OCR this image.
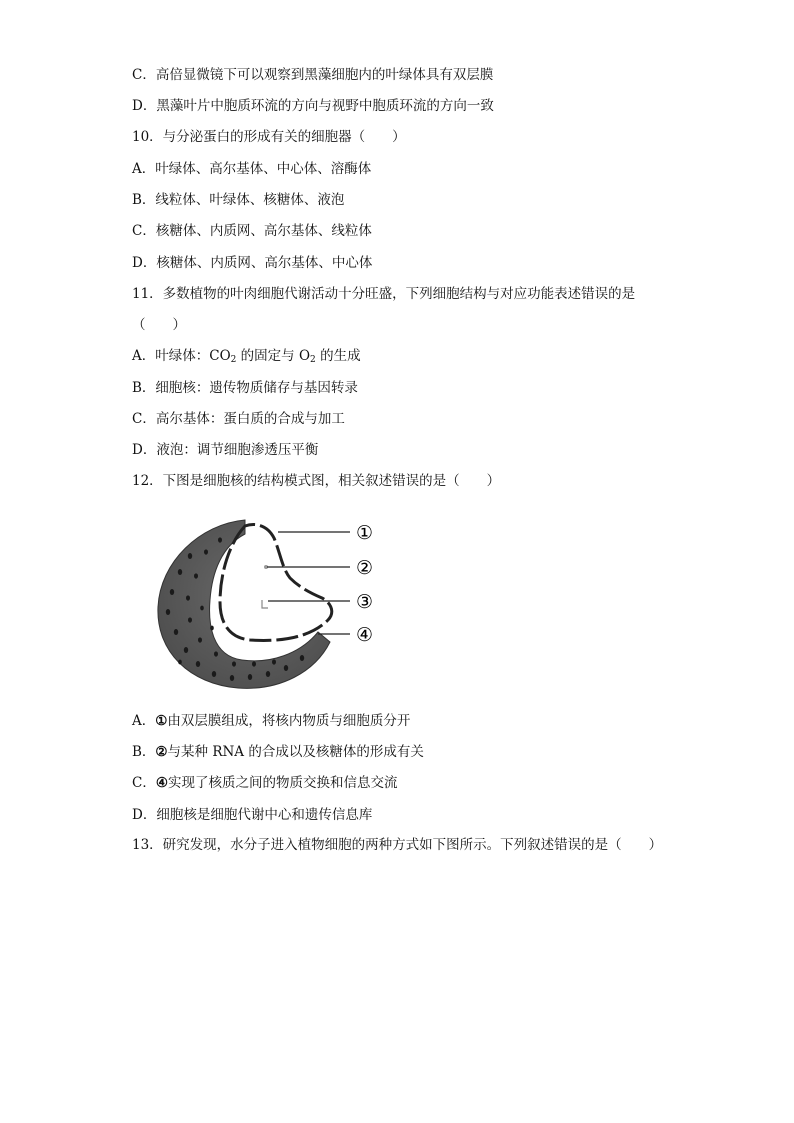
C．高倍显微镜下可以观察到黑藻细胞内的叶绿体具有双层膜
D．黑藻叶片中胞质环流的方向与视野中胞质环流的方向一致
10．与分泌蛋白的形成有关的细胞器（　　）
A．叶绿体、高尔基体、中心体、溶酶体
B．线粒体、叶绿体、核糖体、液泡
C．核糖体、内质网、高尔基体、线粒体
D．核糖体、内质网、高尔基体、中心体
11．多数植物的叶肉细胞代谢活动十分旺盛，下列细胞结构与对应功能表述错误的是
（　　）
A．叶绿体：$CO_2$ 的固定与 $O_2$ 的生成
B．细胞核：遗传物质储存与基因转录
C．高尔基体：蛋白质的合成与加工
D．液泡：调节细胞渗透压平衡
12．下图是细胞核的结构模式图，相关叙述错误的是（　　）
①
②
③
④
A．①由双层膜组成，将核内物质与细胞质分开
B．②与某种 RNA 的合成以及核糖体的形成有关
C．④实现了核质之间的物质交换和信息交流
D．细胞核是细胞代谢中心和遗传信息库
13．研究发现，水分子进入植物细胞的两种方式如下图所示。下列叙述错误的是（　　）
